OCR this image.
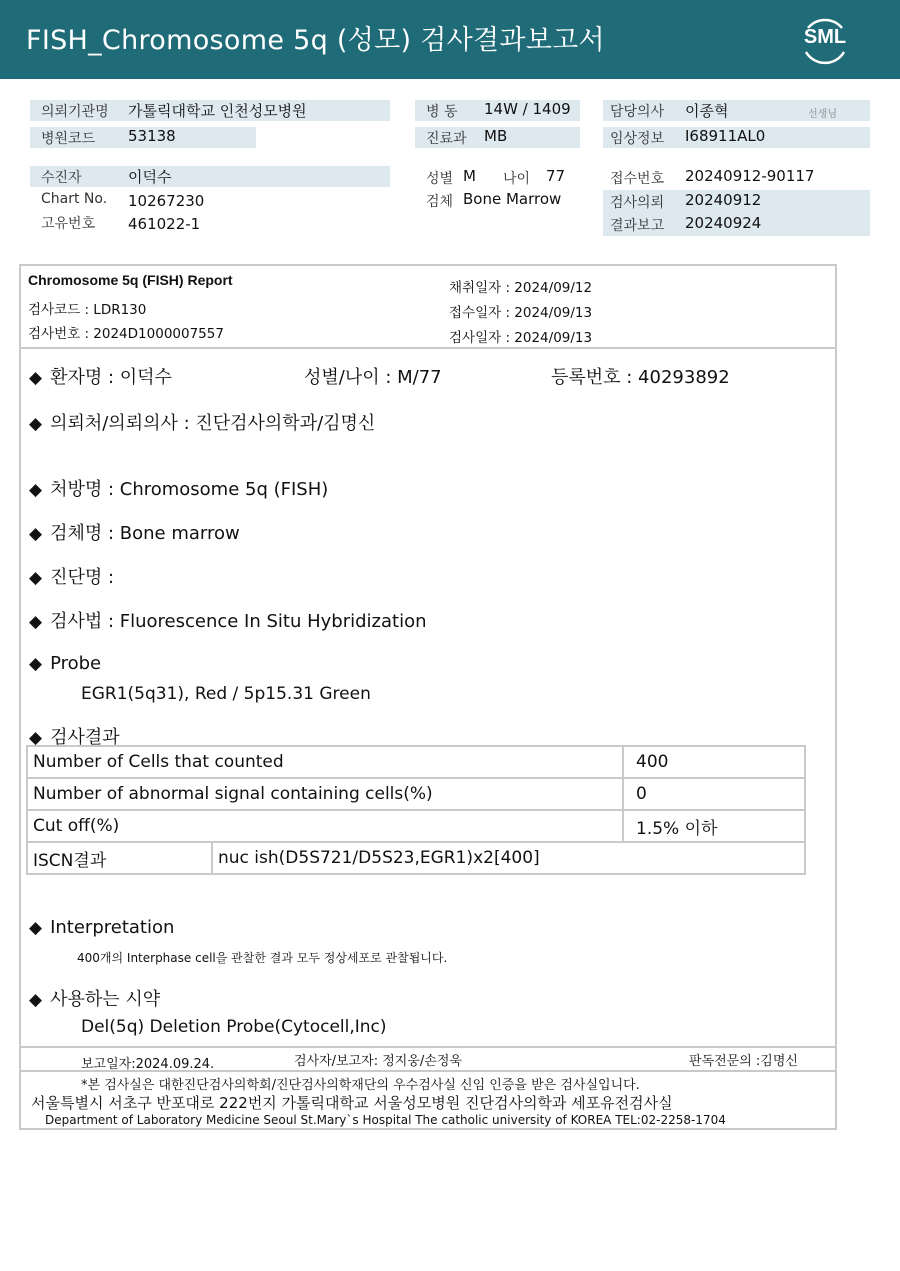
FISH_Chromosome 5q (성모) 검사결과보고서	SML
의뢰기관명 가톨릭대학교 인천성모병원
병원코드 53138
병 동 14W / 1409
진료과 MB
담당의사 이종혁	선생님
임상정보 I68911AL0
수진자	이덕수
Chart No. 10267230
고유번호 461022-1
성별 M 나이 77
검체 Bone Marrow
접수번호 20240912-90117
검사의뢰 20240912
결과보고 20240924
Chromosome 5q (FISH) Report
검사코드 : LDR130
검사번호 : 2024D1000007557
채취일자 : 2024/09/12
접수일자 : 2024/09/13
검사일자 : 2024/09/13
◆ 환자명 : 이덕수	성별/나이 : M/77	등록번호 : 40293892
◆ 의뢰처/의뢰의사 : 진단검사의학과/김명신
◆ 처방명 : Chromosome 5q (FISH)
◆ 검체명 : Bone marrow
◆ 진단명 :
◆ 검사법 : Fluorescence In Situ Hybridization
◆ Probe
EGR1(5q31), Red / 5p15.31 Green
◆ 검사결과
Number of Cells that counted		400
Number of abnormal signal containing cells(%)		0
Cut off(%)		1.5% 이하
ISCN결과	nuc ish(D5S721/D5S23,EGR1)x2[400]	
◆ Interpretation
400개의 Interphase cell을 관찰한 결과 모두 정상세포로 관찰됩니다.
◆ 사용하는 시약
Del(5q) Deletion Probe(Cytocell,Inc)
보고일자:2024.09.24.	검사자/보고자: 정지웅/손정욱	판독전문의 :김명신
*본 검사실은 대한진단검사의학회/진단검사의학재단의 우수검사실 신임 인증을 받은 검사실입니다.
서울특별시 서초구 반포대로 222번지 가톨릭대학교 서울성모병원 진단검사의학과 세포유전검사실
Department of Laboratory Medicine Seoul St.Mary`s Hospital The catholic university of KOREA TEL:02-2258-1704
